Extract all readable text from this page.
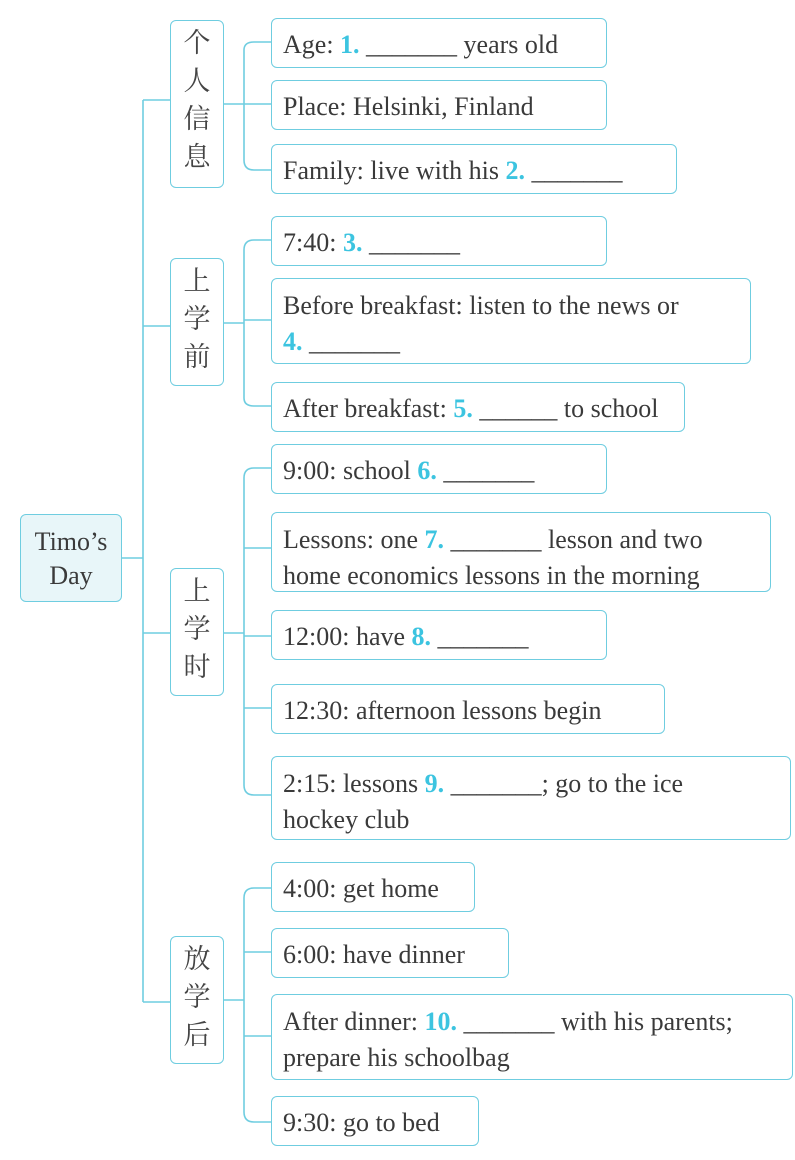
Timo’s
Day
个
人
信
息
上
学
前
上
学
时
放
学
后
Age: 1. _______ years old
Place: Helsinki, Finland
Family: live with his 2. _______
7:40: 3. _______
Before breakfast: listen to the news or
4. _______
After breakfast: 5. ______ to school
9:00: school 6. _______
Lessons: one 7. _______ lesson and two
home economics lessons in the morning
12:00: have 8. _______
12:30: afternoon lessons begin
2:15: lessons 9. _______; go to the ice
hockey club
4:00: get home
6:00: have dinner
After dinner: 10. _______ with his parents;
prepare his schoolbag
9:30: go to bed
